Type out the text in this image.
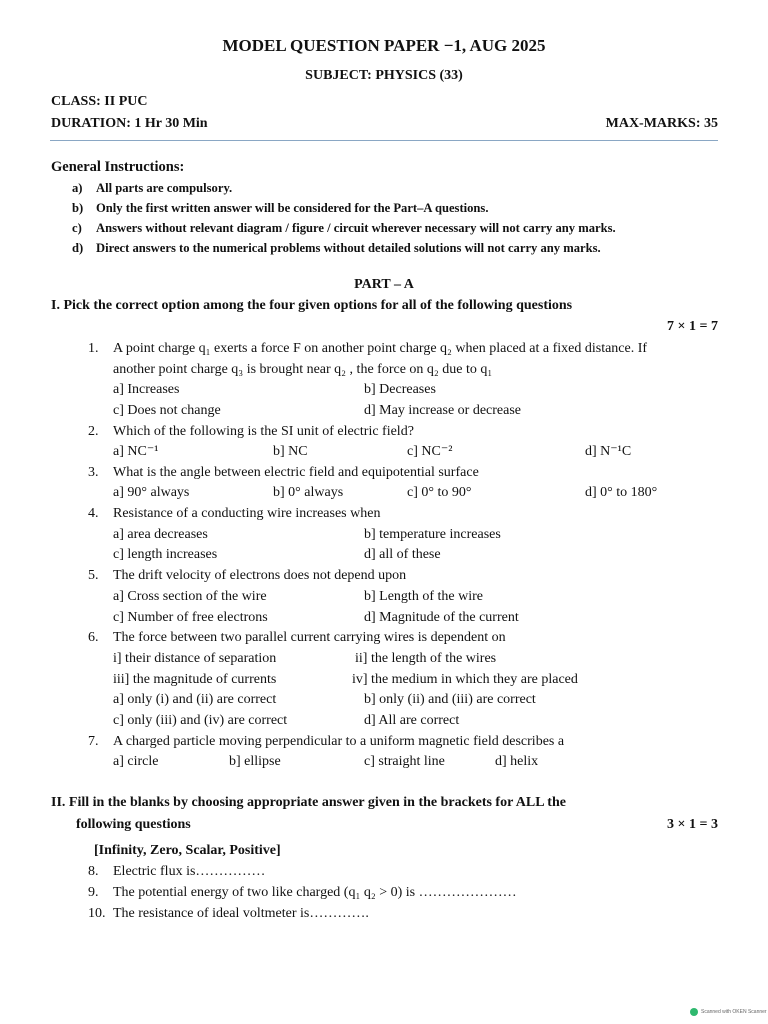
MODEL QUESTION PAPER −1, AUG 2025
SUBJECT: PHYSICS (33)
CLASS: II PUC
DURATION: 1 Hr 30 Min	MAX-MARKS: 35
General Instructions:
a) All parts are compulsory.
b) Only the first written answer will be considered for the Part–A questions.
c) Answers without relevant diagram / figure / circuit wherever necessary will not carry any marks.
d) Direct answers to the numerical problems without detailed solutions will not carry any marks.
PART – A
I. Pick the correct option among the four given options for all of the following questions
7 × 1 = 7
1. A point charge q₁ exerts a force F on another point charge q₂ when placed at a fixed distance. If
another point charge q₃ is brought near q₂ , the force on q₂ due to q₁
a] Increases	b] Decreases
c] Does not change	d] May increase or decrease
2. Which of the following is the SI unit of electric field?
a] NC⁻¹	b] NC	c] NC⁻²	d] N⁻¹C
3. What is the angle between electric field and equipotential surface
a] 90° always	b] 0° always	c] 0° to 90°	d] 0° to 180°
4. Resistance of a conducting wire increases when
a] area decreases	b] temperature increases
c] length increases	d] all of these
5. The drift velocity of electrons does not depend upon
a] Cross section of the wire	b] Length of the wire
c] Number of free electrons	d] Magnitude of the current
6. The force between two parallel current carrying wires is dependent on
i] their distance of separation	ii] the length of the wires
iii] the magnitude of currents	iv] the medium in which they are placed
a] only (i) and (ii) are correct	b] only (ii) and (iii) are correct
c] only (iii) and (iv) are correct	d] All are correct
7. A charged particle moving perpendicular to a uniform magnetic field describes a
a] circle	b] ellipse	c] straight line	d] helix
II. Fill in the blanks by choosing appropriate answer given in the brackets for ALL the
following questions	3 × 1 = 3
[Infinity, Zero, Scalar, Positive]
8. Electric flux is……………
9. The potential energy of two like charged (q₁ q₂ > 0) is …………………
10. The resistance of ideal voltmeter is………….
Scanned with OKEN Scanner
